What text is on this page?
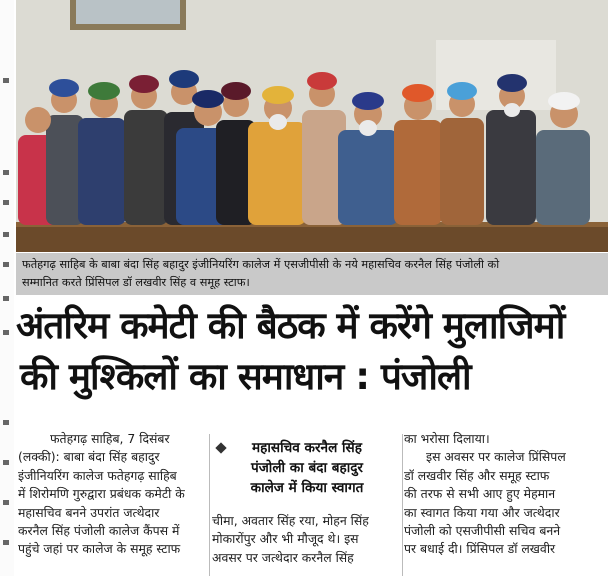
फतेहगढ़ साहिब के बाबा बंदा सिंह बहादुर इंजीनियरिंग कालेज में एसजीपीसी के नये महासचिव करनैल सिंह पंजोली को
सम्मानित करते प्रिंसिपल डॉ लखवीर सिंह व समूह स्टाफ।
अंतरिम कमेटी की बैठक में करेंगे मुलाजिमों
की मुश्किलों का समाधान : पंजोली
फतेहगढ़ साहिब, 7 दिसंबर
(लक्की): बाबा बंदा सिंह बहादुर
इंजीनियरिंग कालेज फतेहगढ़ साहिब
में शिरोमणि गुरुद्वारा प्रबंधक कमेटी के
महासचिव बनने उपरांत जत्थेदार
करनैल सिंह पंजोली कालेज कैंपस में
पहुंचे जहां पर कालेज के समूह स्टाफ
महासचिव करनैल सिंह
पंजोली का बंदा बहादुर
कालेज में किया स्वागत
चीमा, अवतार सिंह रया, मोहन सिंह
मोकारोंपुर और भी मौजूद थे। इस
अवसर पर जत्थेदार करनैल सिंह
का भरोसा दिलाया।
इस अवसर पर कालेज प्रिंसिपल
डॉ लखवीर सिंह और समूह स्टाफ
की तरफ से सभी आए हुए मेहमान
का स्वागत किया गया और जत्थेदार
पंजोली को एसजीपीसी सचिव बनने
पर बधाई दी। प्रिंसिपल डॉ लखवीर
